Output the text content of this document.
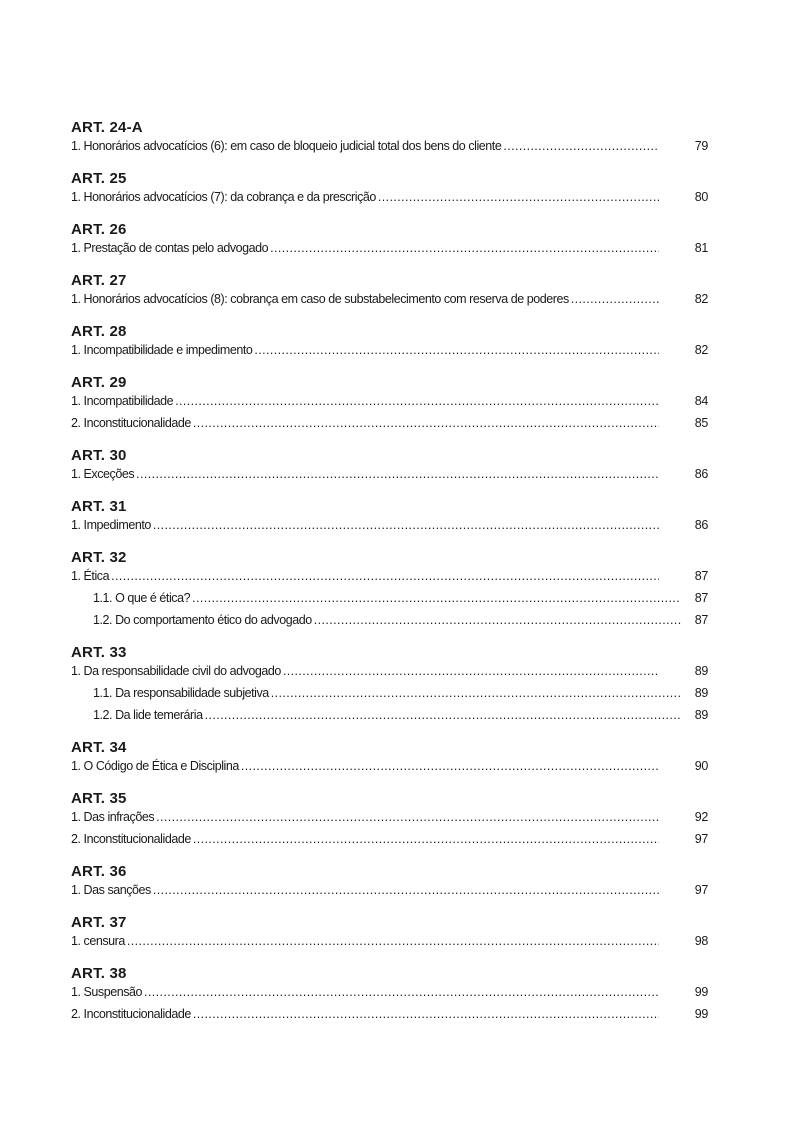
ART. 24-A
1. Honorários advocatícios (6): em caso de bloqueio judicial total dos bens do cliente .....	79
ART. 25
1. Honorários advocatícios (7): da cobrança e da prescrição .....	80
ART. 26
1. Prestação de contas pelo advogado .....	81
ART. 27
1. Honorários advocatícios (8): cobrança em caso de substabelecimento com reserva de poderes .....	82
ART. 28
1. Incompatibilidade e impedimento .....	82
ART. 29
1. Incompatibilidade .....	84
2. Inconstitucionalidade .....	85
ART. 30
1. Exceções .....	86
ART. 31
1. Impedimento .....	86
ART. 32
1. Ética .....	87
1.1. O que é ética? .....	87
1.2. Do comportamento ético do advogado .....	87
ART. 33
1. Da responsabilidade civil do advogado .....	89
1.1. Da responsabilidade subjetiva .....	89
1.2. Da lide temerária .....	89
ART. 34
1. O Código de Ética e Disciplina .....	90
ART. 35
1. Das infrações .....	92
2. Inconstitucionalidade .....	97
ART. 36
1. Das sanções .....	97
ART. 37
1. censura .....	98
ART. 38
1. Suspensão .....	99
2. Inconstitucionalidade .....	99
